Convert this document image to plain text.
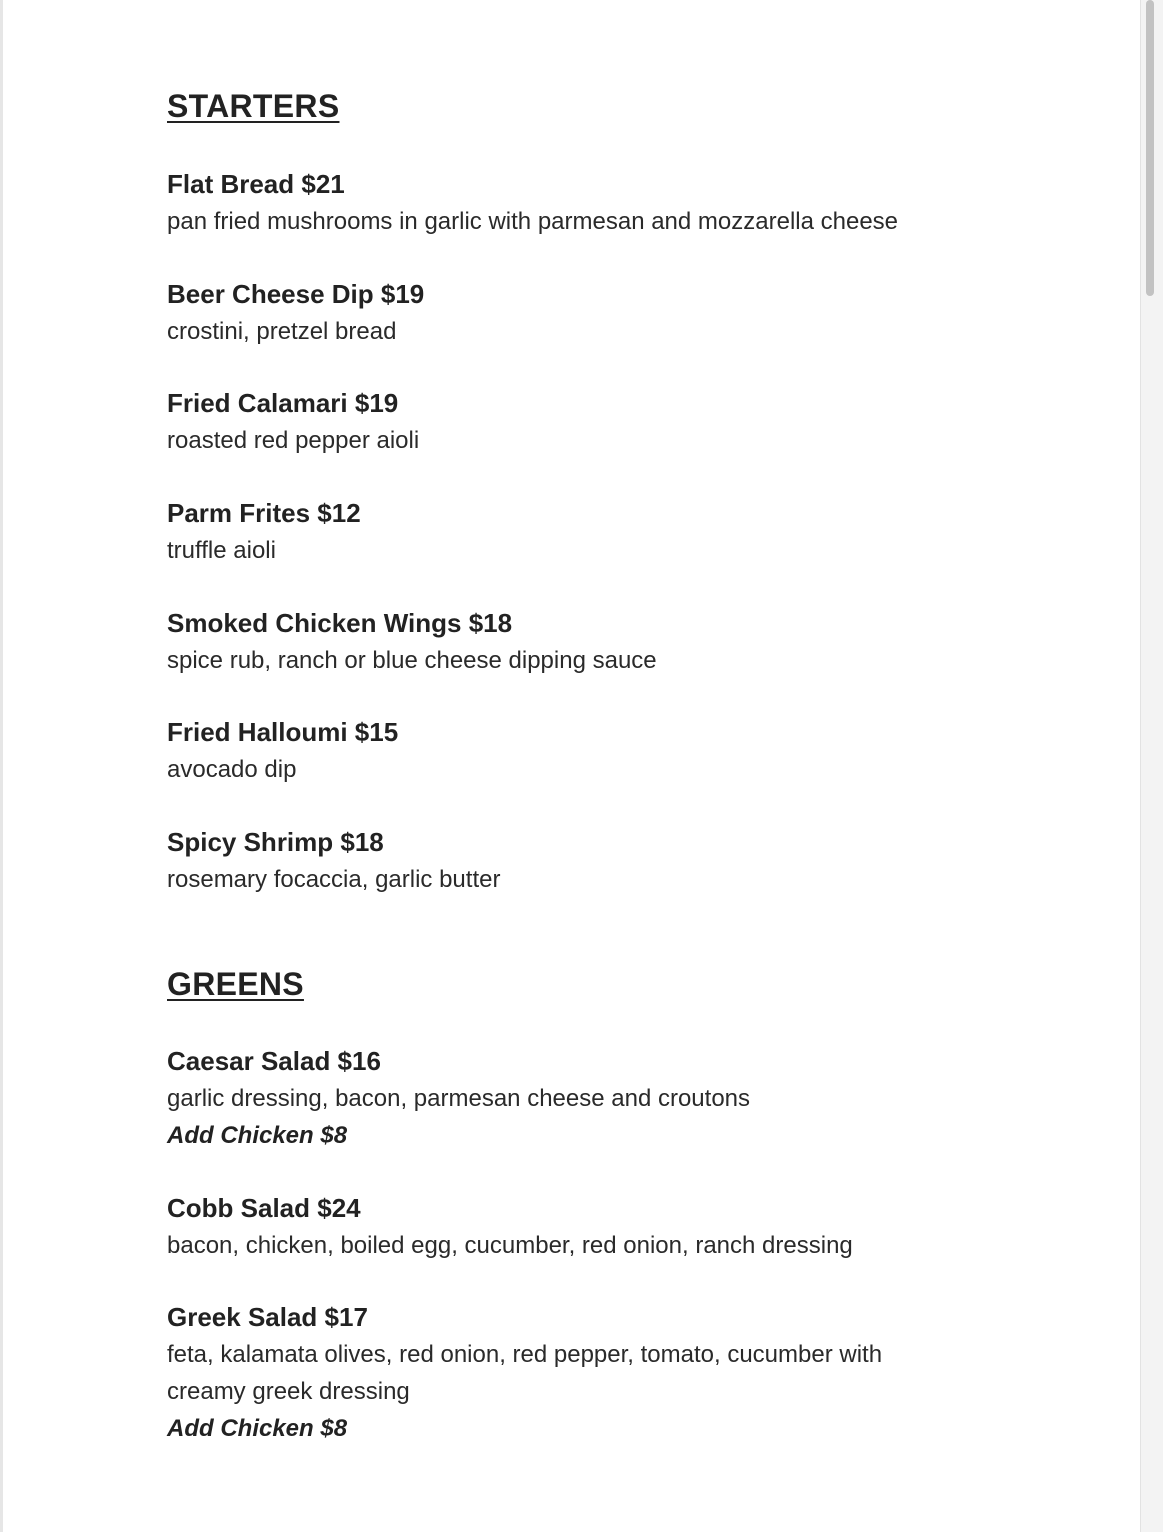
STARTERS
Flat Bread $21
pan fried mushrooms in garlic with parmesan and mozzarella cheese
Beer Cheese Dip $19
crostini, pretzel bread
Fried Calamari $19
roasted red pepper aioli
Parm Frites $12
truffle aioli
Smoked Chicken Wings $18
spice rub, ranch or blue cheese dipping sauce
Fried Halloumi $15
avocado dip
Spicy Shrimp $18
rosemary focaccia, garlic butter
GREENS
Caesar Salad $16
garlic dressing, bacon, parmesan cheese and croutons
Add Chicken $8
Cobb Salad $24
bacon, chicken, boiled egg, cucumber, red onion, ranch dressing
Greek Salad $17
feta, kalamata olives, red onion, red pepper, tomato, cucumber with creamy greek dressing
Add Chicken $8
